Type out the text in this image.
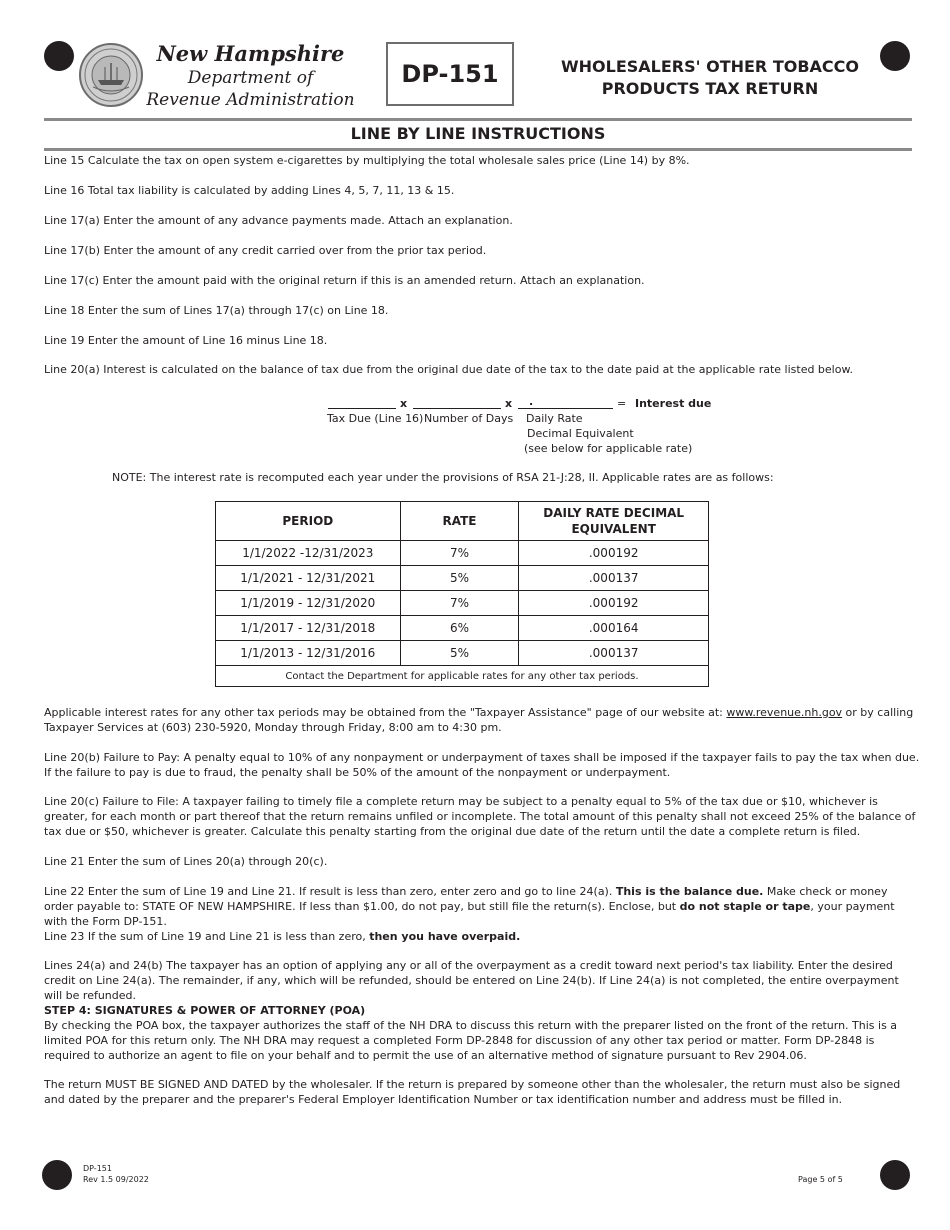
New Hampshire
Department of
Revenue Administration
DP-151	WHOLESALERS' OTHER TOBACCO
PRODUCTS TAX RETURN
LINE BY LINE INSTRUCTIONS
Line 15 Calculate the tax on open system e-cigarettes by multiplying the total wholesale sales price (Line 14) by 8%.
Line 16 Total tax liability is calculated by adding Lines 4, 5, 7, 11, 13 & 15.
Line 17(a) Enter the amount of any advance payments made. Attach an explanation.
Line 17(b) Enter the amount of any credit carried over from the prior tax period.
Line 17(c) Enter the amount paid with the original return if this is an amended return. Attach an explanation.
Line 18 Enter the sum of Lines 17(a) through 17(c) on Line 18.
Line 19 Enter the amount of Line 16 minus Line 18.
Line 20(a) Interest is calculated on the balance of tax due from the original due date of the tax to the date paid at the applicable rate listed below.
x	x .	= Interest due
Tax Due (Line 16) Number of Days Daily Rate
Decimal Equivalent
(see below for applicable rate)
NOTE: The interest rate is recomputed each year under the provisions of RSA 21-J:28, II. Applicable rates are as follows:
PERIOD	RATE	DAILY RATE DECIMAL
EQUIVALENT

1/1/2022 -12/31/2023	7%	.000192
1/1/2021 - 12/31/2021	5%	.000137
1/1/2019 - 12/31/2020	7%	.000192
1/1/2017 - 12/31/2018	6%	.000164
1/1/2013 - 12/31/2016	5%	.000137
Contact the Department for applicable rates for any other tax periods.		
Applicable interest rates for any other tax periods may be obtained from the "Taxpayer Assistance" page of our website at: www.revenue.nh.gov or by calling Taxpayer Services at (603) 230-5920, Monday through Friday, 8:00 am to 4:30 pm.
Line 20(b) Failure to Pay: A penalty equal to 10% of any nonpayment or underpayment of taxes shall be imposed if the taxpayer fails to pay the tax when due. If the failure to pay is due to fraud, the penalty shall be 50% of the amount of the nonpayment or underpayment.
Line 20(c) Failure to File: A taxpayer failing to timely file a complete return may be subject to a penalty equal to 5% of the tax due or $10, whichever is greater, for each month or part thereof that the return remains unfiled or incomplete. The total amount of this penalty shall not exceed 25% of the balance of tax due or $50, whichever is greater. Calculate this penalty starting from the original due date of the return until the date a complete return is filed.
Line 21 Enter the sum of Lines 20(a) through 20(c).
Line 22 Enter the sum of Line 19 and Line 21. If result is less than zero, enter zero and go to line 24(a). This is the balance due. Make check or money order payable to: STATE OF NEW HAMPSHIRE. If less than $1.00, do not pay, but still file the return(s). Enclose, but do not staple or tape, your payment with the Form DP-151.
Line 23 If the sum of Line 19 and Line 21 is less than zero, then you have overpaid.
Lines 24(a) and 24(b) The taxpayer has an option of applying any or all of the overpayment as a credit toward next period's tax liability. Enter the desired credit on Line 24(a). The remainder, if any, which will be refunded, should be entered on Line 24(b). If Line 24(a) is not completed, the entire overpayment will be refunded.
STEP 4: SIGNATURES & POWER OF ATTORNEY (POA)
By checking the POA box, the taxpayer authorizes the staff of the NH DRA to discuss this return with the preparer listed on the front of the return. This is a limited POA for this return only. The NH DRA may request a completed Form DP-2848 for discussion of any other tax period or matter. Form DP-2848 is required to authorize an agent to file on your behalf and to permit the use of an alternative method of signature pursuant to Rev 2904.06.
The return MUST BE SIGNED AND DATED by the wholesaler. If the return is prepared by someone other than the wholesaler, the return must also be signed and dated by the preparer and the preparer's Federal Employer Identification Number or tax identification number and address must be filled in.
DP-151
Rev 1.5 09/2022	Page 5 of 5
